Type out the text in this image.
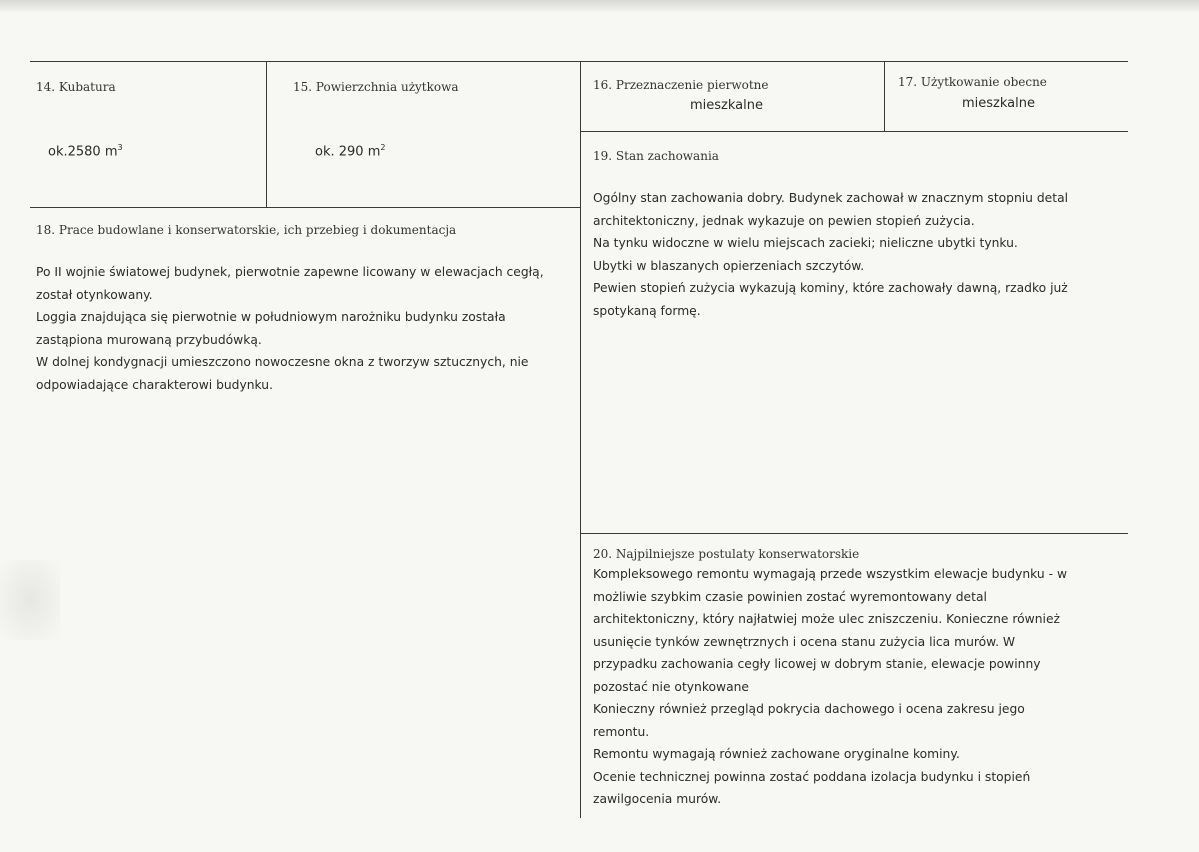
14. Kubatura
ok.2580 $m^3$
15. Powierzchnia użytkowa
ok. 290 $m^2$
16. Przeznaczenie pierwotne
mieszkalne
17. Użytkowanie obecne
mieszkalne
18. Prace budowlane i konserwatorskie, ich przebieg i dokumentacja

Po II wojnie światowej budynek, pierwotnie zapewne licowany w elewacjach cegłą,

został otynkowany.

Loggia znajdująca się pierwotnie w południowym narożniku budynku została

zastąpiona murowaną przybudówką.

W dolnej kondygnacji umieszczono nowoczesne okna z tworzyw sztucznych, nie

odpowiadające charakterowi budynku.

19. Stan zachowania

Ogólny stan zachowania dobry. Budynek zachował w znacznym stopniu detal

architektoniczny, jednak wykazuje on pewien stopień zużycia.

Na tynku widoczne w wielu miejscach zacieki; nieliczne ubytki tynku.

Ubytki w blaszanych opierzeniach szczytów.

Pewien stopień zużycia wykazują kominy, które zachowały dawną, rzadko już

spotykaną formę.

20. Najpilniejsze postulaty konserwatorskie

Kompleksowego remontu wymagają przede wszystkim elewacje budynku - w

możliwie szybkim czasie powinien zostać wyremontowany detal

architektoniczny, który najłatwiej może ulec zniszczeniu. Konieczne również

usunięcie tynków zewnętrznych i ocena stanu zużycia lica murów. W

przypadku zachowania cegły licowej w dobrym stanie, elewacje powinny

pozostać nie otynkowane

Konieczny również przegląd pokrycia dachowego i ocena zakresu jego

remontu.

Remontu wymagają również zachowane oryginalne kominy.

Ocenie technicznej powinna zostać poddana izolacja budynku i stopień

zawilgocenia murów.
